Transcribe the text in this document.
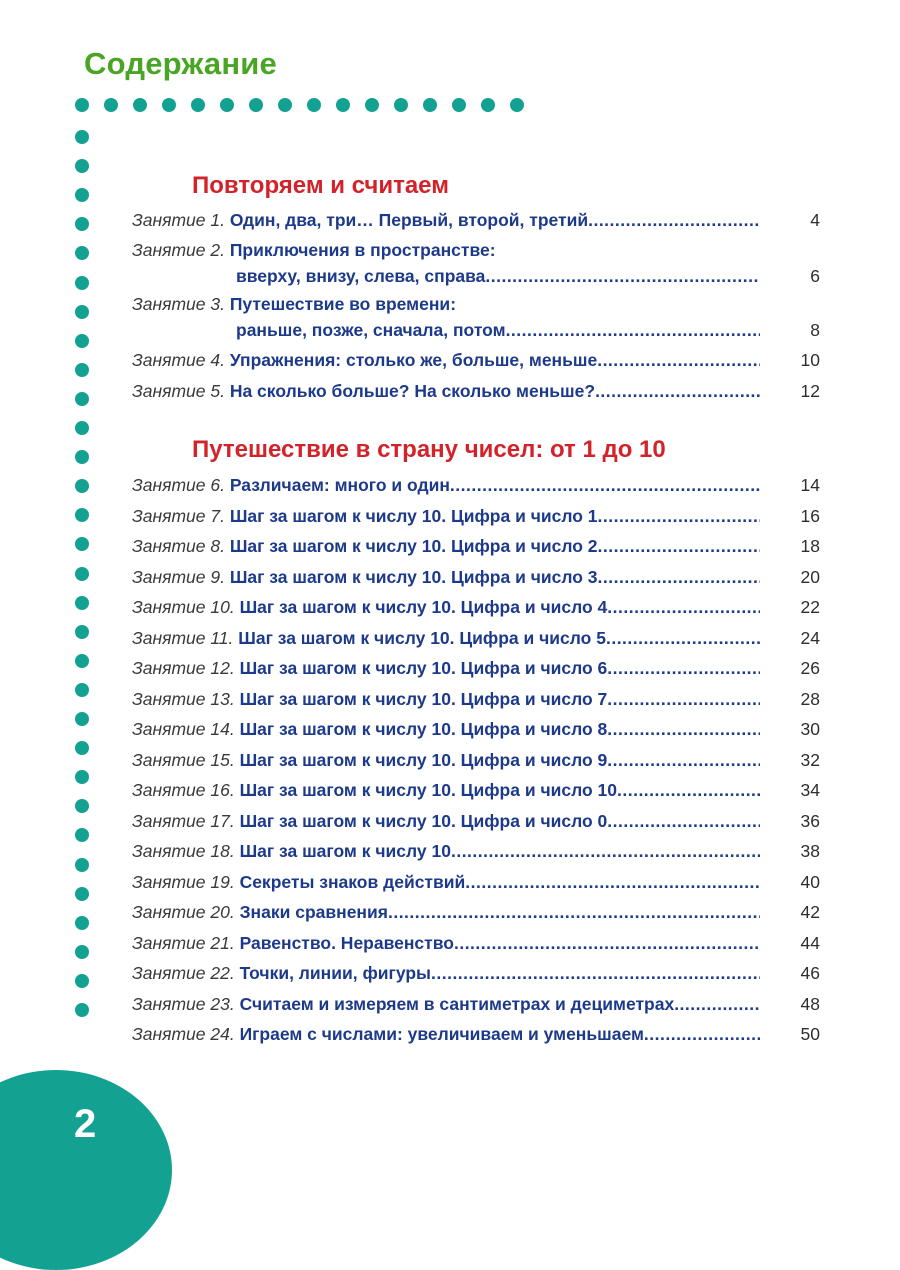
Содержание
Повторяем и считаем
Путешествие в страну чисел: от 1 до 10
Занятие 1.
Один, два, три… Первый, второй, третий .....	4
Занятие 2.
Приключения в пространстве:
вверху, внизу, слева, справа .....	6
Занятие 3.
Путешествие во времени:
раньше, позже, сначала, потом .....	8
Занятие 4.
Упражнения: столько же, больше, меньше .....	10
Занятие 5.
На сколько больше? На сколько меньше? .....	12
Занятие 6.
Различаем: много и один .....	14
Занятие 7.
Шаг за шагом к числу 10. Цифра и число 1 .....	16
Занятие 8.
Шаг за шагом к числу 10. Цифра и число 2 .....	18
Занятие 9.
Шаг за шагом к числу 10. Цифра и число 3 .....	20
Занятие 10.
Шаг за шагом к числу 10. Цифра и число 4 .....	22
Занятие 11.
Шаг за шагом к числу 10. Цифра и число 5 .....	24
Занятие 12.
Шаг за шагом к числу 10. Цифра и число 6 .....	26
Занятие 13.
Шаг за шагом к числу 10. Цифра и число 7 .....	28
Занятие 14.
Шаг за шагом к числу 10. Цифра и число 8 .....	30
Занятие 15.
Шаг за шагом к числу 10. Цифра и число 9 .....	32
Занятие 16.
Шаг за шагом к числу 10. Цифра и число 10 .....	34
Занятие 17.
Шаг за шагом к числу 10. Цифра и число 0 .....	36
Занятие 18.
Шаг за шагом к числу 10 .....	38
Занятие 19.
Секреты знаков действий .....	40
Занятие 20.
Знаки сравнения .....	42
Занятие 21.
Равенство. Неравенство .....	44
Занятие 22.
Точки, линии, фигуры .....	46
Занятие 23.
Считаем и измеряем в сантиметрах и дециметрах .....	48
Занятие 24.
Играем с числами: увеличиваем и уменьшаем .....	50

2
